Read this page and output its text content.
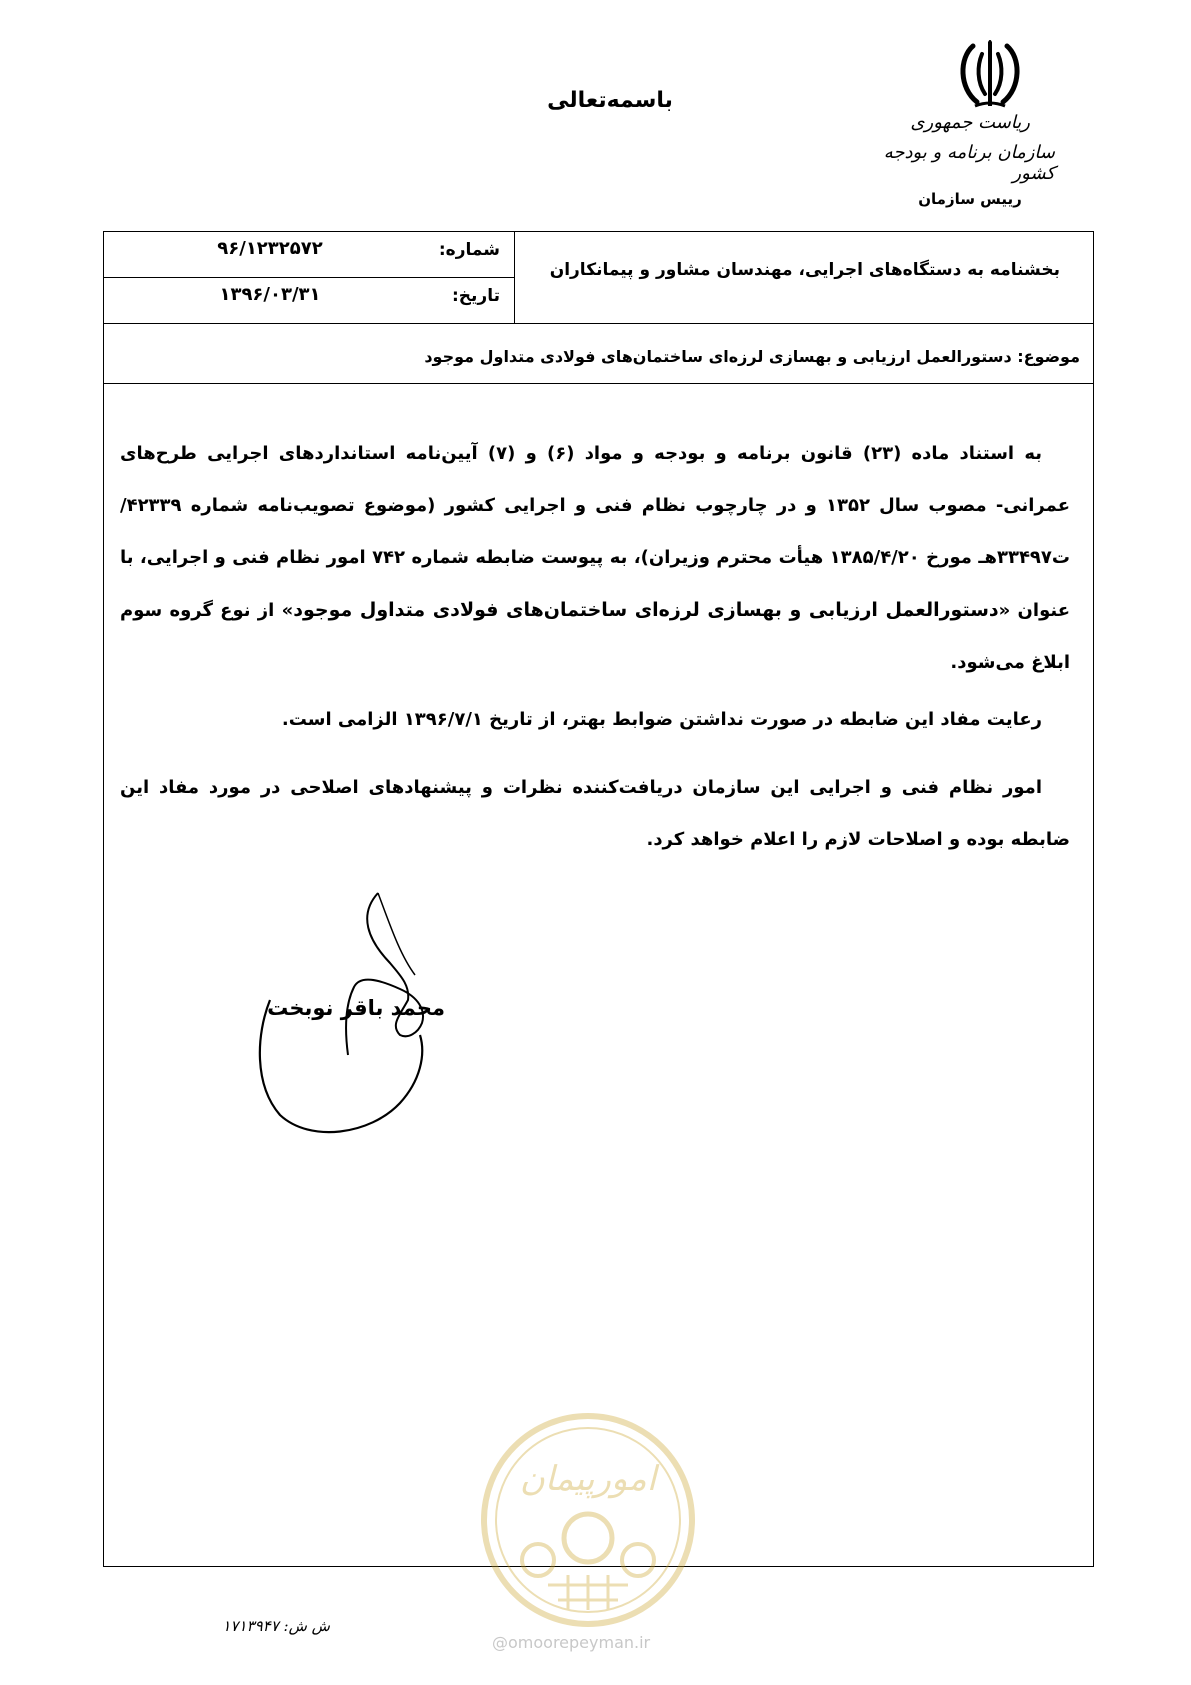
باسمه‌تعالی
ریاست جمهوری
سازمان برنامه و بودجه کشور
رییس سازمان
بخشنامه به دستگاه‌های اجرایی، مهندسان مشاور و پیمانکاران
شماره:
۹۶/۱۲۳۲۵۷۲
تاریخ:
۱۳۹۶/۰۳/۳۱
موضوع: دستورالعمل ارزیابی و بهسازی لرزه‌ای ساختمان‌های فولادی متداول موجود
به استناد ماده (۲۳) قانون برنامه و بودجه و مواد (۶) و (۷) آیین‌نامه استانداردهای اجرایی طرح‌های عمرانی- مصوب سال ۱۳۵۲ و در چارچوب نظام فنی و اجرایی کشور (موضوع تصویب‌نامه شماره ۴۲۳۳۹/ت۳۳۴۹۷هـ مورخ ۱۳۸۵/۴/۲۰ هیأت محترم وزیران)، به پیوست ضابطه شماره ۷۴۲ امور نظام فنی و اجرایی، با عنوان «دستورالعمل ارزیابی و بهسازی لرزه‌ای ساختمان‌های فولادی متداول موجود» از نوع گروه سوم ابلاغ می‌شود.
رعایت مفاد این ضابطه در صورت نداشتن ضوابط بهتر، از تاریخ ۱۳۹۶/۷/۱ الزامی است.
امور نظام فنی و اجرایی این سازمان دریافت‌کننده نظرات و پیشنهادهای اصلاحی در مورد مفاد این ضابطه بوده و اصلاحات لازم را اعلام خواهد کرد.
محمد باقر نوبخت
امورپیمان
ش ش: ۱۷۱۳۹۴۷
@omoorepeyman.ir
